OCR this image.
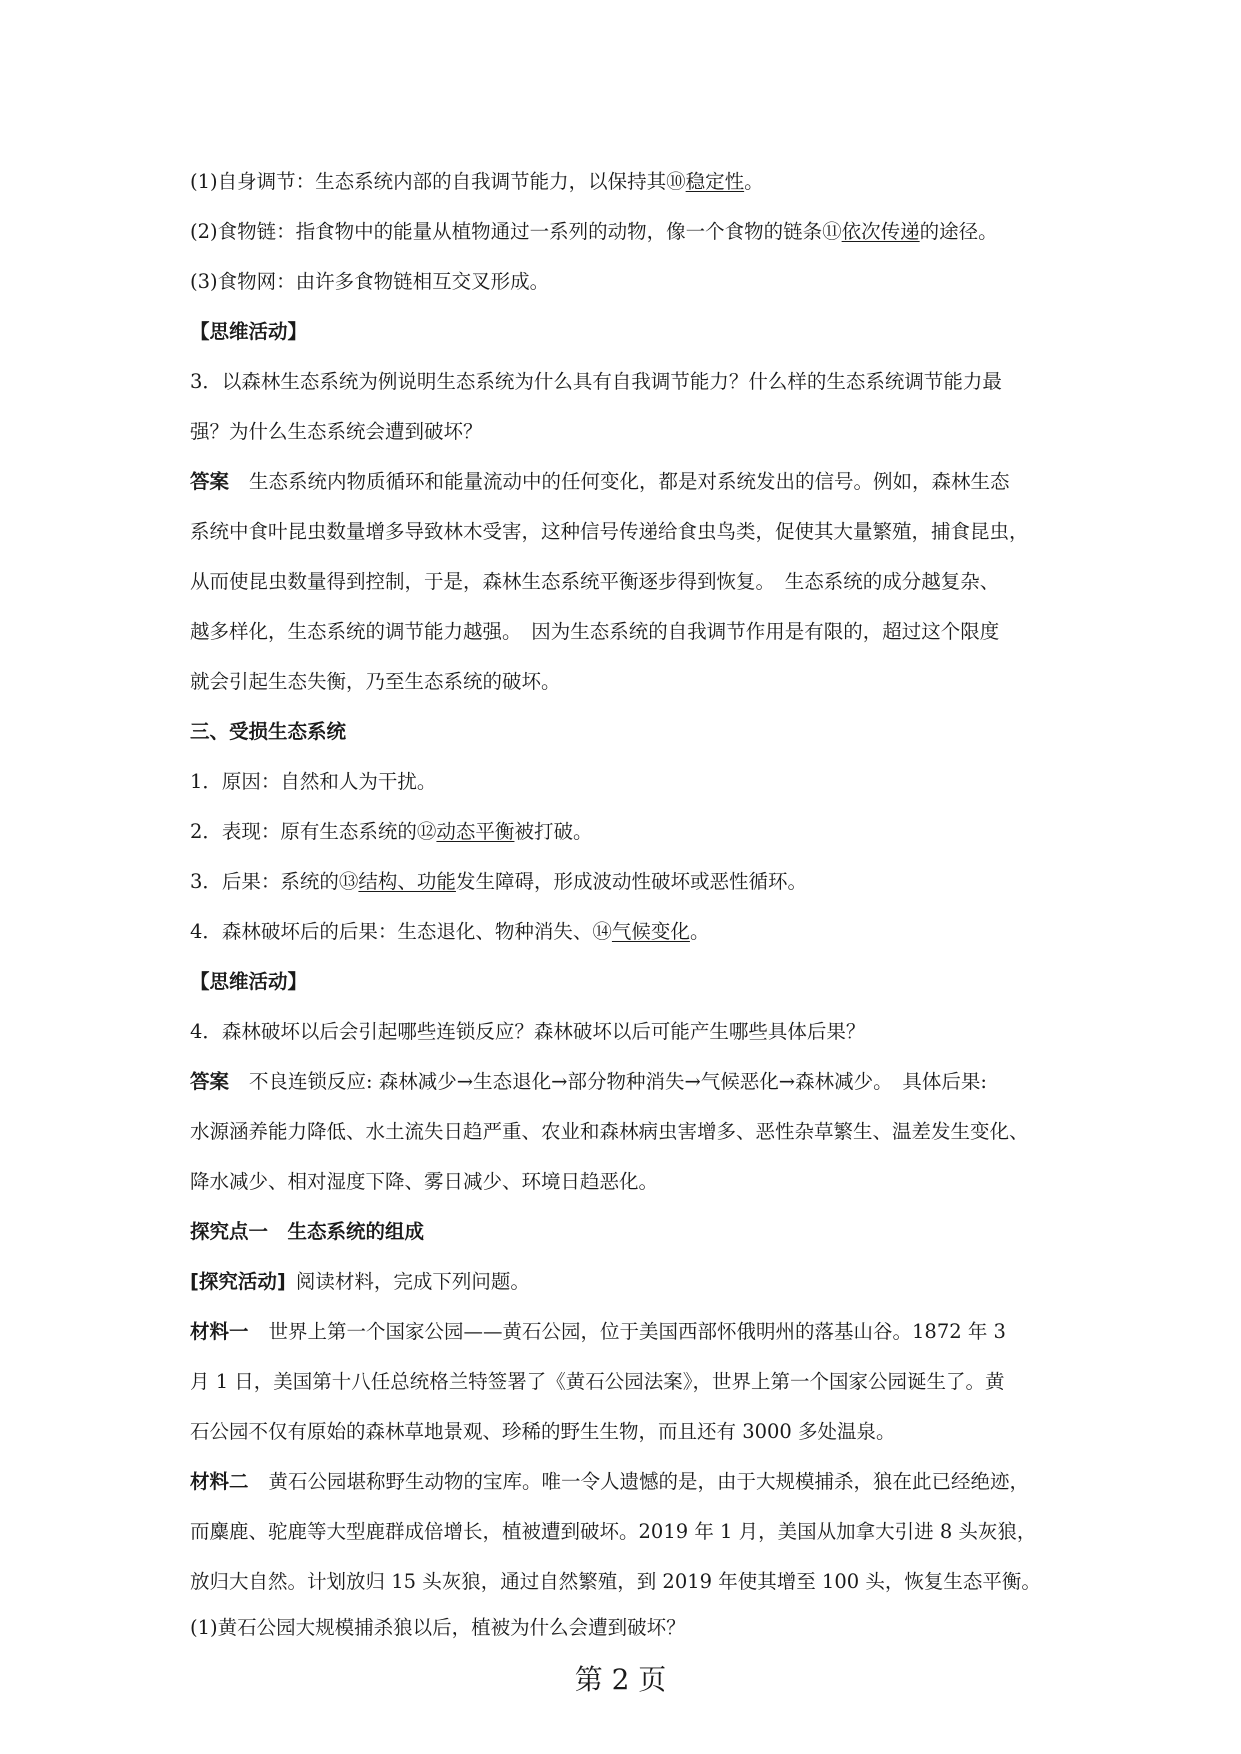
(1)自身调节：生态系统内部的自我调节能力，以保持其⑩稳定性。
(2)食物链：指食物中的能量从植物通过一系列的动物，像一个食物的链条⑪依次传递的途径。
(3)食物网：由许多食物链相互交叉形成。
【思维活动】
3．以森林生态系统为例说明生态系统为什么具有自我调节能力？什么样的生态系统调节能力最
强？为什么生态系统会遭到破坏？
答案 生态系统内物质循环和能量流动中的任何变化，都是对系统发出的信号。例如，森林生态
系统中食叶昆虫数量增多导致林木受害，这种信号传递给食虫鸟类，促使其大量繁殖，捕食昆虫，
从而使昆虫数量得到控制，于是，森林生态系统平衡逐步得到恢复。　生态系统的成分越复杂、
越多样化，生态系统的调节能力越强。　因为生态系统的自我调节作用是有限的，超过这个限度
就会引起生态失衡，乃至生态系统的破坏。
三、受损生态系统
1．原因：自然和人为干扰。
2．表现：原有生态系统的⑫动态平衡被打破。
3．后果：系统的⑬结构、功能发生障碍，形成波动性破坏或恶性循环。
4．森林破坏后的后果：生态退化、物种消失、⑭气候变化。
【思维活动】
4．森林破坏以后会引起哪些连锁反应？森林破坏以后可能产生哪些具体后果？
答案 不良连锁反应: 森林减少→生态退化→部分物种消失→气候恶化→森林减少。　具体后果:
水源涵养能力降低、水土流失日趋严重、农业和森林病虫害增多、恶性杂草繁生、温差发生变化、
降水减少、相对湿度下降、雾日减少、环境日趋恶化。
探究点一　生态系统的组成
[探究活动] 阅读材料，完成下列问题。
材料一 世界上第一个国家公园——黄石公园，位于美国西部怀俄明州的落基山谷。1872 年 3
月 1 日，美国第十八任总统格兰特签署了《黄石公园法案》，世界上第一个国家公园诞生了。黄
石公园不仅有原始的森林草地景观、珍稀的野生生物，而且还有 3000 多处温泉。
材料二 黄石公园堪称野生动物的宝库。唯一令人遗憾的是，由于大规模捕杀，狼在此已经绝迹，
而麋鹿、驼鹿等大型鹿群成倍增长，植被遭到破坏。2019 年 1 月，美国从加拿大引进 8 头灰狼，
放归大自然。计划放归 15 头灰狼，通过自然繁殖，到 2019 年使其增至 100 头，恢复生态平衡。
(1)黄石公园大规模捕杀狼以后，植被为什么会遭到破坏？
第 2 页
